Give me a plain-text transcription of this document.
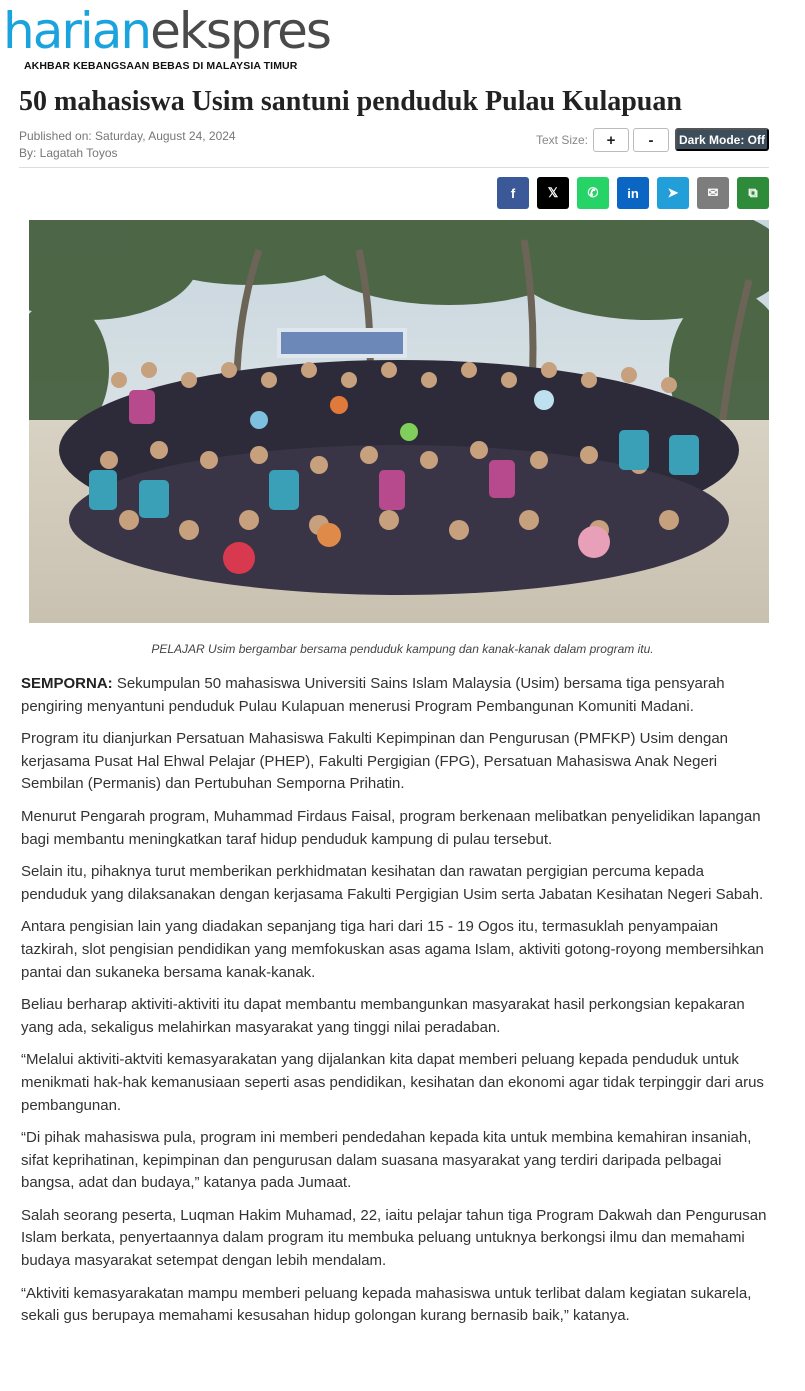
harianekspres
AKHBAR KEBANGSAAN BEBAS DI MALAYSIA TIMUR
50 mahasiswa Usim santuni penduduk Pulau Kulapuan
Published on: Saturday, August 24, 2024
By: Lagatah Toyos
Text Size:	+	-	Dark Mode: Off
f	𝕏	✆	in	➤	✉	⧉
PELAJAR Usim bergambar bersama penduduk kampung dan kanak-kanak dalam program itu.

SEMPORNA: Sekumpulan 50 mahasiswa Universiti Sains Islam Malaysia (Usim) bersama tiga pensyarah pengiring menyantuni penduduk Pulau Kulapuan menerusi Program Pembangunan Komuniti Madani.

Program itu dianjurkan Persatuan Mahasiswa Fakulti Kepimpinan dan Pengurusan (PMFKP) Usim dengan kerjasama Pusat Hal Ehwal Pelajar (PHEP), Fakulti Pergigian (FPG), Persatuan Mahasiswa Anak Negeri Sembilan (Permanis) dan Pertubuhan Semporna Prihatin.

Menurut Pengarah program, Muhammad Firdaus Faisal, program berkenaan melibatkan penyelidikan lapangan bagi membantu meningkatkan taraf hidup penduduk kampung di pulau tersebut.

Selain itu, pihaknya turut memberikan perkhidmatan kesihatan dan rawatan pergigian percuma kepada penduduk yang dilaksanakan dengan kerjasama Fakulti Pergigian Usim serta Jabatan Kesihatan Negeri Sabah.

Antara pengisian lain yang diadakan sepanjang tiga hari dari 15 - 19 Ogos itu, termasuklah penyampaian tazkirah, slot pengisian pendidikan yang memfokuskan asas agama Islam, aktiviti gotong-royong membersihkan pantai dan sukaneka bersama kanak-kanak.

Beliau berharap aktiviti-aktiviti itu dapat membantu membangunkan masyarakat hasil perkongsian kepakaran yang ada, sekaligus melahirkan masyarakat yang tinggi nilai peradaban.

“Melalui aktiviti-aktviti kemasyarakatan yang dijalankan kita dapat memberi peluang kepada penduduk untuk menikmati hak-hak kemanusiaan seperti asas pendidikan, kesihatan dan ekonomi agar tidak terpinggir dari arus pembangunan.

“Di pihak mahasiswa pula, program ini memberi pendedahan kepada kita untuk membina kemahiran insaniah, sifat keprihatinan, kepimpinan dan pengurusan dalam suasana masyarakat yang terdiri daripada pelbagai bangsa, adat dan budaya,” katanya pada Jumaat.

Salah seorang peserta, Luqman Hakim Muhamad, 22, iaitu pelajar tahun tiga Program Dakwah dan Pengurusan Islam berkata, penyertaannya dalam program itu membuka peluang untuknya berkongsi ilmu dan memahami budaya masyarakat setempat dengan lebih mendalam.

“Aktiviti kemasyarakatan mampu memberi peluang kepada mahasiswa untuk terlibat dalam kegiatan sukarela, sekali gus berupaya memahami kesusahan hidup golongan kurang bernasib baik,” katanya.
